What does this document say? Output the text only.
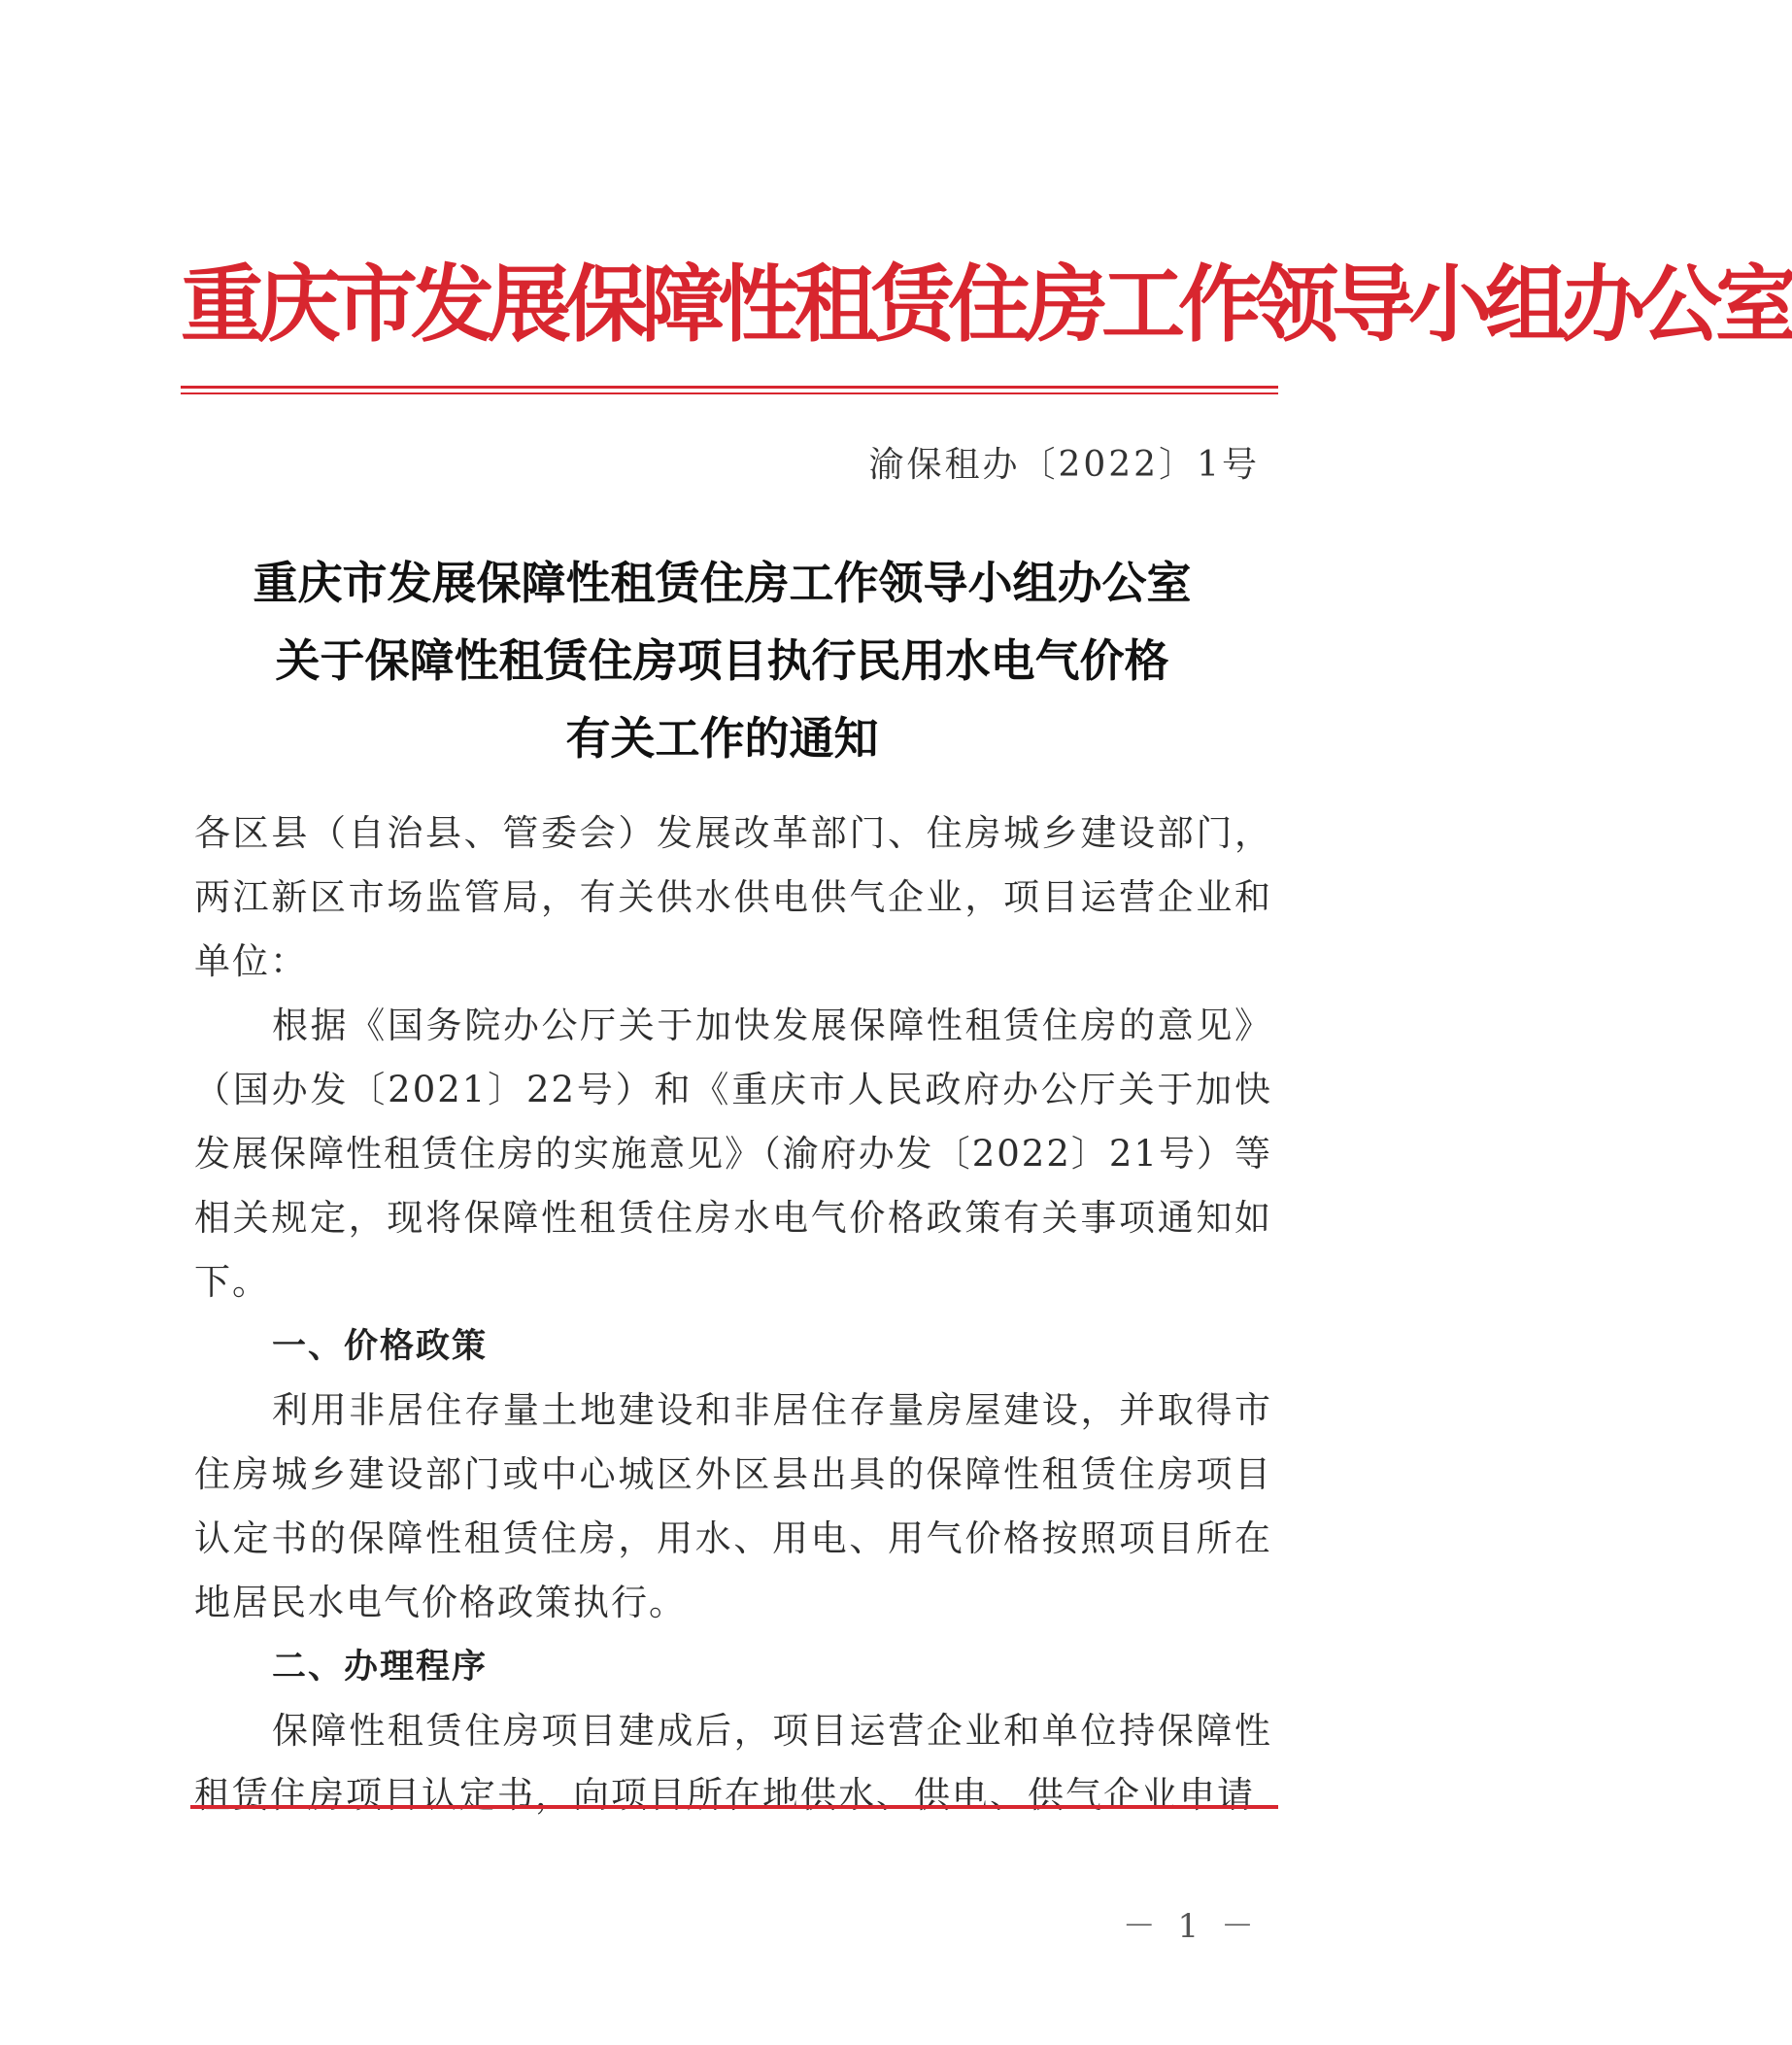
重庆市发展保障性租赁住房工作领导小组办公室
渝保租办〔2022〕1号
重庆市发展保障性租赁住房工作领导小组办公室
关于保障性租赁住房项目执行民用水电气价格
有关工作的通知

各区县（自治县、管委会）发展改革部门、住房城乡建设部门，两江新区市场监管局，有关供水供电供气企业，项目运营企业和单位：

根据《国务院办公厅关于加快发展保障性租赁住房的意见》（国办发〔2021〕22号）和《重庆市人民政府办公厅关于加快发展保障性租赁住房的实施意见》（渝府办发〔2022〕21号）等相关规定，现将保障性租赁住房水电气价格政策有关事项通知如下。

一、价格政策

利用非居住存量土地建设和非居住存量房屋建设，并取得市住房城乡建设部门或中心城区外区县出具的保障性租赁住房项目认定书的保障性租赁住房，用水、用电、用气价格按照项目所在地居民水电气价格政策执行。

二、办理程序

保障性租赁住房项目建成后，项目运营企业和单位持保障性租赁住房项目认定书，向项目所在地供水、供电、供气企业申请

－ 1 －
